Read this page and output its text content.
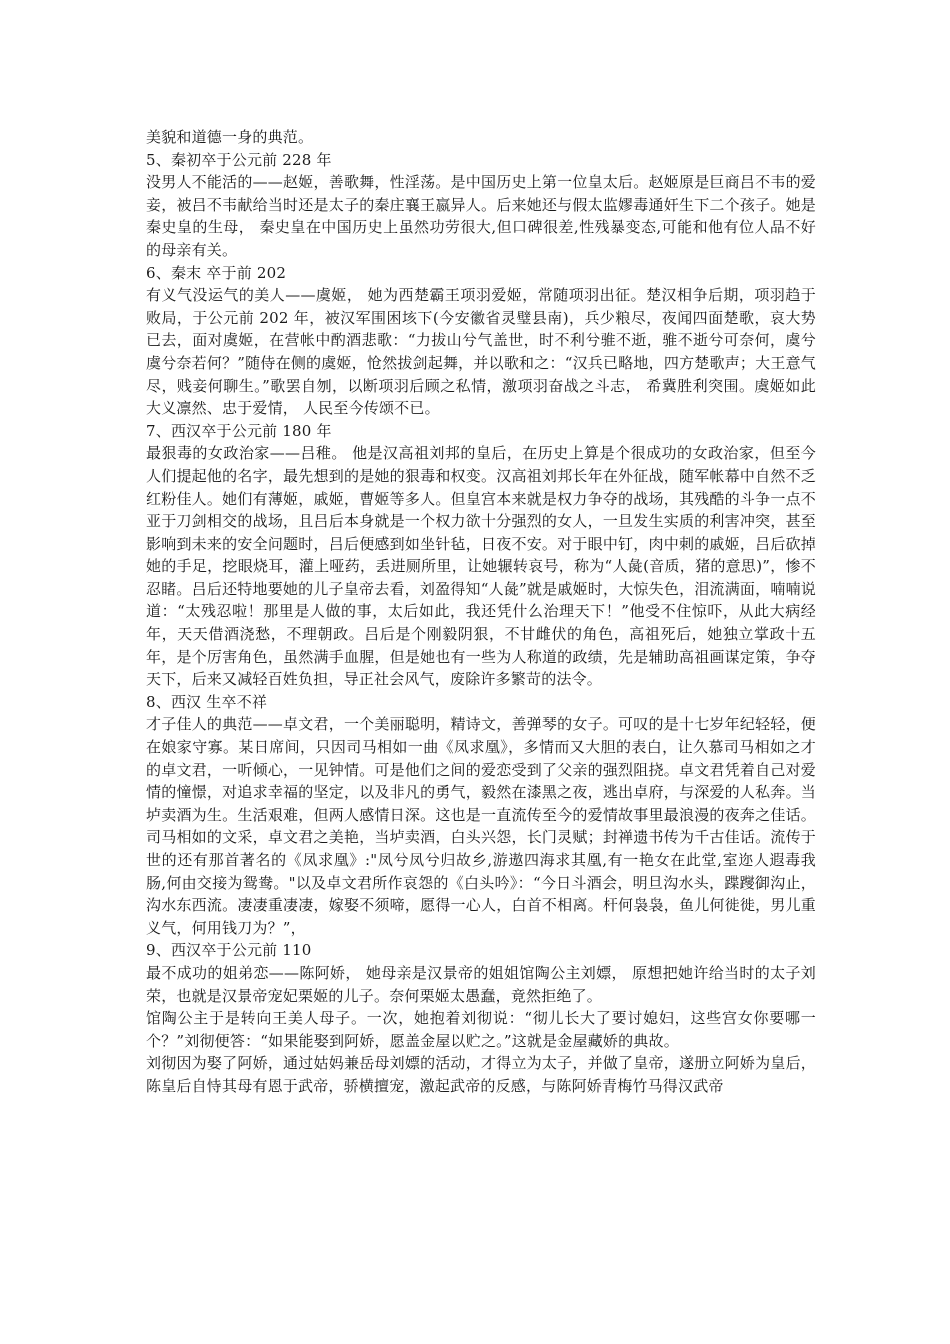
美貌和道德一身的典范。

5、秦初卒于公元前 228 年

没男人不能活的——赵姬，善歌舞，性淫荡。是中国历史上第一位皇太后。赵姬原是巨商吕不韦的爱妾，被吕不韦献给当时还是太子的秦庄襄王嬴异人。后来她还与假太监嫪毒通奸生下二个孩子。她是秦史皇的生母， 秦史皇在中国历史上虽然功劳很大,但口碑很差,性残暴变态,可能和他有位人品不好的母亲有关。

6、秦末 卒于前 202

有义气没运气的美人——虞姬， 她为西楚霸王项羽爱姬，常随项羽出征。楚汉相争后期，项羽趋于败局，于公元前 202 年，被汉军围困垓下(今安徽省灵璧县南)，兵少粮尽，夜闻四面楚歌，哀大势已去，面对虞姬，在营帐中酌酒悲歌：“力拔山兮气盖世，时不利兮骓不逝，骓不逝兮可奈何，虞兮虞兮奈若何？”随侍在侧的虞姬，怆然拔剑起舞，并以歌和之：“汉兵已略地，四方楚歌声；大王意气尽，贱妾何聊生。”歌罢自刎，以断项羽后顾之私情，激项羽奋战之斗志， 希冀胜利突围。虞姬如此大义凛然、忠于爱情， 人民至今传颂不已。

7、西汉卒于公元前 180 年

最狠毒的女政治家——吕稚。 他是汉高祖刘邦的皇后，在历史上算是个很成功的女政治家，但至今人们提起他的名字，最先想到的是她的狠毒和权变。汉高祖刘邦长年在外征战，随军帐幕中自然不乏红粉佳人。她们有薄姬，戚姬，曹姬等多人。但皇宫本来就是权力争夺的战场，其残酷的斗争一点不亚于刀剑相交的战场，且吕后本身就是一个权力欲十分强烈的女人，一旦发生实质的利害冲突，甚至影响到未来的安全问题时，吕后便感到如坐针毡，日夜不安。对于眼中钉，肉中刺的戚姬，吕后砍掉她的手足，挖眼烧耳，灌上哑药，丢进厕所里，让她辗转哀号，称为“人彘(音质，猪的意思)”，惨不忍睹。吕后还特地要她的儿子皇帝去看，刘盈得知“人彘”就是戚姬时，大惊失色，泪流满面，喃喃说道：“太残忍啦！那里是人做的事，太后如此，我还凭什么治理天下！”他受不住惊吓，从此大病经年，天天借酒浇愁，不理朝政。吕后是个刚毅阴狠，不甘雌伏的角色，高祖死后，她独立掌政十五年，是个厉害角色，虽然满手血腥，但是她也有一些为人称道的政绩，先是辅助高祖画谋定策，争夺天下，后来又减轻百姓负担，导正社会风气，废除许多繁苛的法令。

8、西汉 生卒不祥

才子佳人的典范——卓文君，一个美丽聪明，精诗文，善弹琴的女子。可叹的是十七岁年纪轻轻，便在娘家守寡。某日席间，只因司马相如一曲《凤求凰》，多情而又大胆的表白，让久慕司马相如之才的卓文君，一听倾心，一见钟情。可是他们之间的爱恋受到了父亲的强烈阻挠。卓文君凭着自己对爱情的憧憬，对追求幸福的坚定，以及非凡的勇气，毅然在漆黑之夜，逃出卓府，与深爱的人私奔。当垆卖酒为生。生活艰难，但两人感情日深。这也是一直流传至今的爱情故事里最浪漫的夜奔之佳话。司马相如的文采，卓文君之美艳，当垆卖酒，白头兴怨，长门灵赋；封禅遗书传为千古佳话。流传于世的还有那首著名的《凤求凰》:"凤兮凤兮归故乡,游遨四海求其凰,有一艳女在此堂,室迩人遐毒我肠,何由交接为鸳鸯。"以及卓文君所作哀怨的《白头吟》：“今日斗酒会，明旦沟水头，蹀躞御沟止，沟水东西流。凄凄重凄凄，嫁娶不须啼，愿得一心人，白首不相离。杆何袅袅，鱼儿何徙徙，男儿重义气，何用钱刀为？”，

9、西汉卒于公元前 110

最不成功的姐弟恋——陈阿娇， 她母亲是汉景帝的姐姐馆陶公主刘嫖， 原想把她许给当时的太子刘荣，也就是汉景帝宠妃栗姬的儿子。奈何栗姬太愚蠢，竟然拒绝了。

馆陶公主于是转向王美人母子。一次，她抱着刘彻说：“彻儿长大了要讨媳妇，这些宫女你要哪一个？”刘彻便答：“如果能娶到阿娇，愿盖金屋以贮之。”这就是金屋藏娇的典故。

刘彻因为娶了阿娇，通过姑妈兼岳母刘嫖的活动，才得立为太子，并做了皇帝，遂册立阿娇为皇后，陈皇后自恃其母有恩于武帝，骄横擅宠，激起武帝的反感，与陈阿娇青梅竹马得汉武帝
